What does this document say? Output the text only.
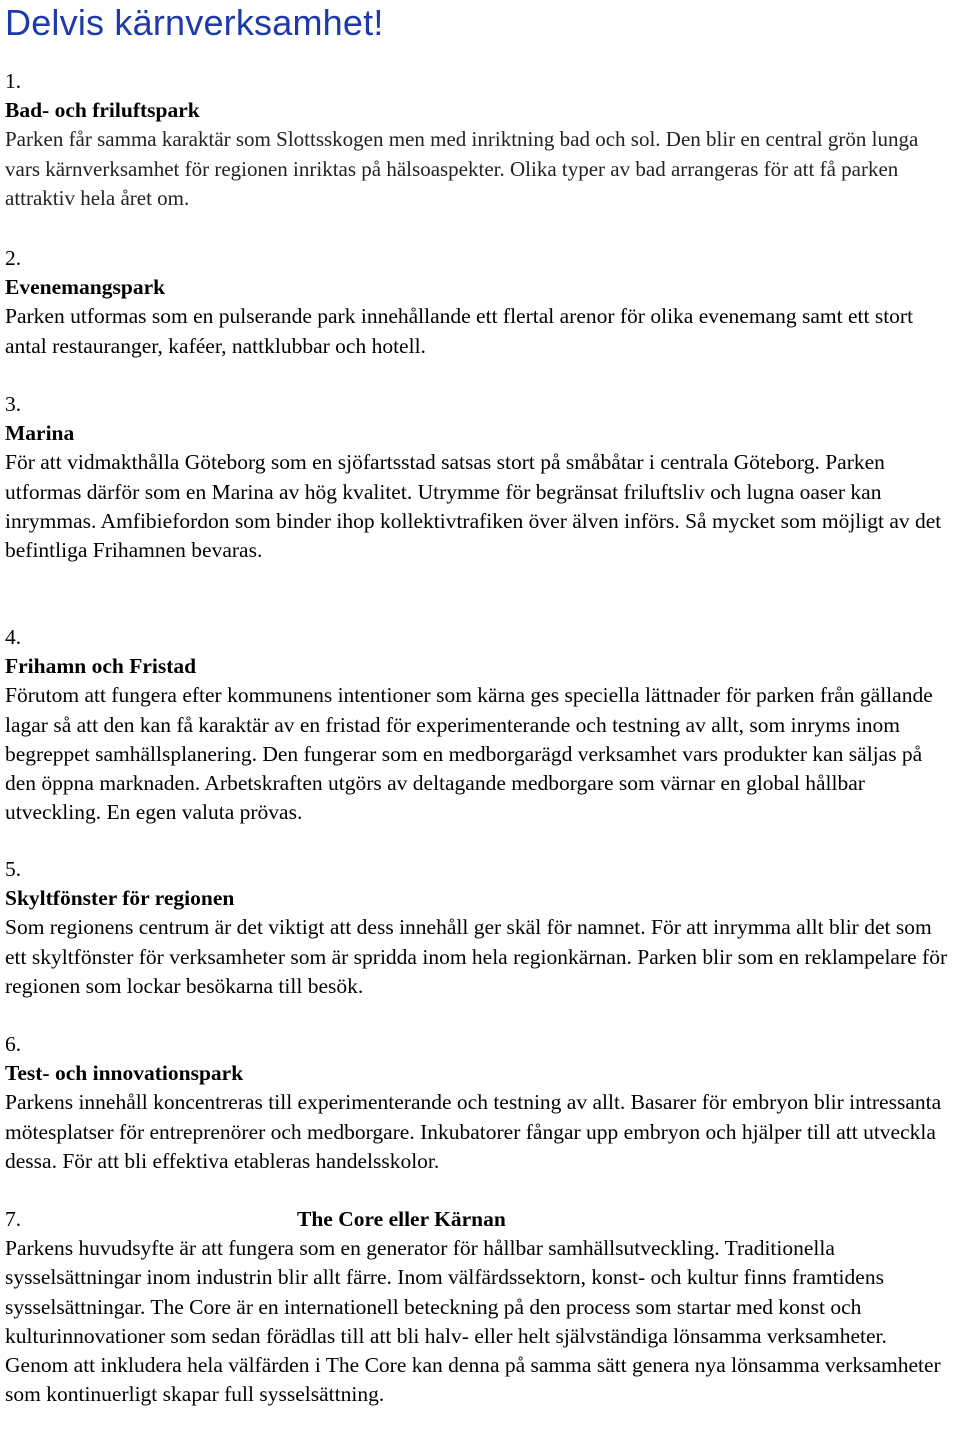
Delvis kärnverksamhet!
1.
Bad- och friluftspark
Parken får samma karaktär som Slottsskogen men med inriktning bad och sol. Den blir en central grön lunga vars kärnverksamhet för regionen inriktas på hälsoaspekter. Olika typer av bad arrangeras för att få parken attraktiv hela året om.
2.
Evenemangspark
Parken utformas som en pulserande park innehållande ett flertal arenor för olika evenemang samt ett stort antal restauranger, kaféer, nattklubbar och hotell.
3.
Marina
För att vidmakthålla Göteborg som en sjöfartsstad satsas stort på småbåtar i centrala Göteborg. Parken utformas därför som en Marina av hög kvalitet. Utrymme för begränsat friluftsliv och lugna oaser kan inrymmas. Amfibiefordon som binder ihop kollektivtrafiken över älven införs. Så mycket som möjligt av det befintliga Frihamnen bevaras.
4.
Frihamn och Fristad
Förutom att fungera efter kommunens intentioner som kärna ges speciella lättnader för parken från gällande lagar så att den kan få karaktär av en fristad för experimenterande och testning av allt, som inryms inom begreppet samhällsplanering. Den fungerar som en medborgarägd verksamhet vars produkter kan säljas på den öppna marknaden. Arbetskraften utgörs av deltagande medborgare som värnar en global hållbar utveckling. En egen valuta prövas.
5.
Skyltfönster för regionen
Som regionens centrum är det viktigt att dess innehåll ger skäl för namnet. För att inrymma allt blir det som ett skyltfönster för verksamheter som är spridda inom hela regionkärnan. Parken blir som en reklampelare för regionen som lockar besökarna till besök.
6.
Test- och innovationspark
Parkens innehåll koncentreras till experimenterande och testning av allt. Basarer för embryon blir intressanta mötesplatser för entreprenörer och medborgare. Inkubatorer fångar upp embryon och hjälper till att utveckla dessa. För att bli effektiva etableras handelsskolor.
7.	The Core eller Kärnan
Parkens huvudsyfte är att fungera som en generator för hållbar samhällsutveckling. Traditionella sysselsättningar inom industrin blir allt färre. Inom välfärdssektorn, konst- och kultur finns framtidens sysselsättningar. The Core är en internationell beteckning på den process som startar med konst och kulturinnovationer som sedan förädlas till att bli halv- eller helt självständiga lönsamma verksamheter. Genom att inkludera hela välfärden i The Core kan denna på samma sätt genera nya lönsamma verksamheter som kontinuerligt skapar full sysselsättning.
